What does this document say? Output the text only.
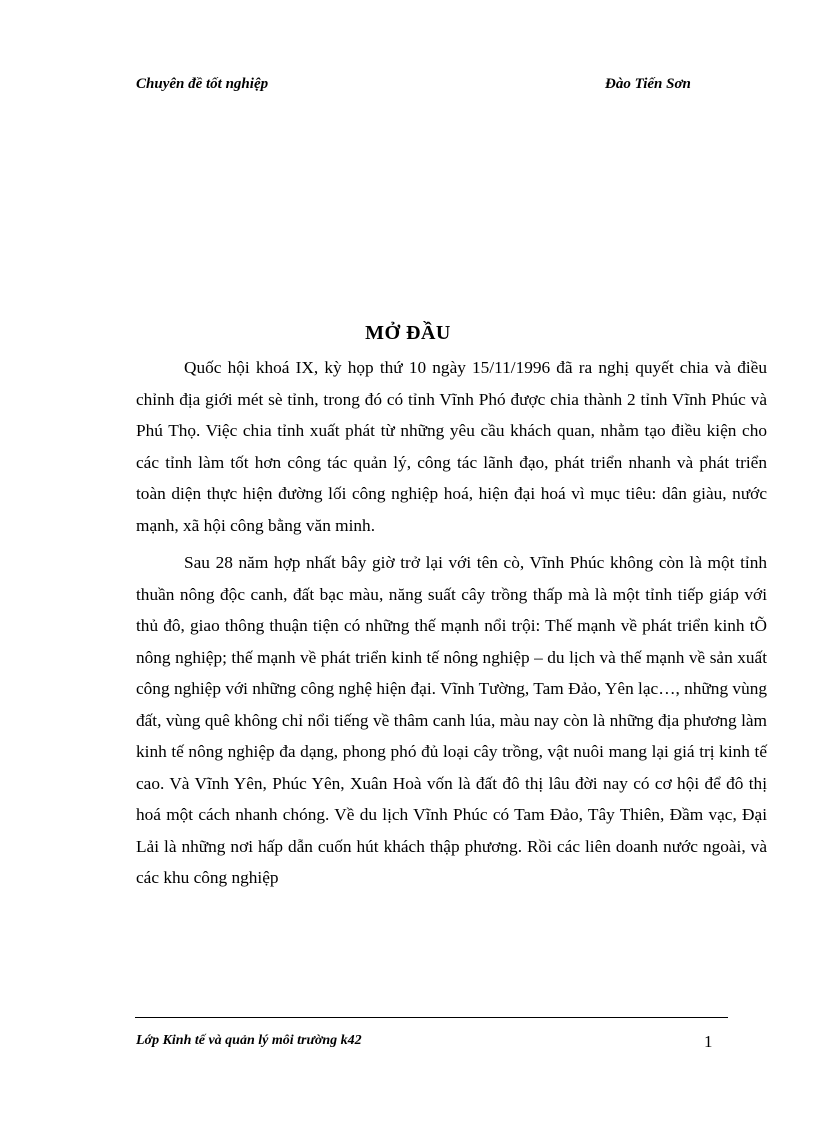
Chuyên đề tốt nghiệp	Đào Tiến Sơn
MỞ ĐẦU

Quốc hội khoá IX, kỳ họp thứ 10 ngày 15/11/1996 đã ra nghị quyết chia và điều chỉnh địa giới mét sè tỉnh, trong đó có tỉnh Vĩnh Phó được chia thành 2 tỉnh Vĩnh Phúc và Phú Thọ. Việc chia tỉnh xuất phát từ những yêu cầu khách quan, nhằm tạo điều kiện cho các tỉnh làm tốt hơn công tác quản lý, công tác lãnh đạo, phát triển nhanh và phát triển toàn diện thực hiện đường lối công nghiệp hoá, hiện đại hoá vì mục tiêu: dân giàu, nước mạnh, xã hội công bằng văn minh.

Sau 28 năm hợp nhất bây giờ trở lại với tên cò, Vĩnh Phúc không còn là một tỉnh thuần nông độc canh, đất bạc màu, năng suất cây trồng thấp mà là một tỉnh tiếp giáp với thủ đô, giao thông thuận tiện có những thế mạnh nổi trội: Thế mạnh về phát triển kinh tÕ nông nghiệp; thế mạnh về phát triển kinh tế nông nghiệp – du lịch và thế mạnh về sản xuất công nghiệp với những công nghệ hiện đại. Vĩnh Tường, Tam Đảo, Yên lạc…, những vùng đất, vùng quê không chỉ nổi tiếng về thâm canh lúa, màu nay còn là những địa phương làm kinh tế nông nghiệp đa dạng, phong phó đủ loại cây trồng, vật nuôi mang lại giá trị kinh tế cao. Và Vĩnh Yên, Phúc Yên, Xuân Hoà vốn là đất đô thị lâu đời nay có cơ hội để đô thị hoá một cách nhanh chóng. Về du lịch Vĩnh Phúc có Tam Đảo, Tây Thiên, Đầm vạc, Đại Lải là những nơi hấp dẫn cuốn hút khách thập phương. Rồi các liên doanh nước ngoài, và các khu công nghiệp

Lớp Kinh tế và quản lý môi trường k42	1
